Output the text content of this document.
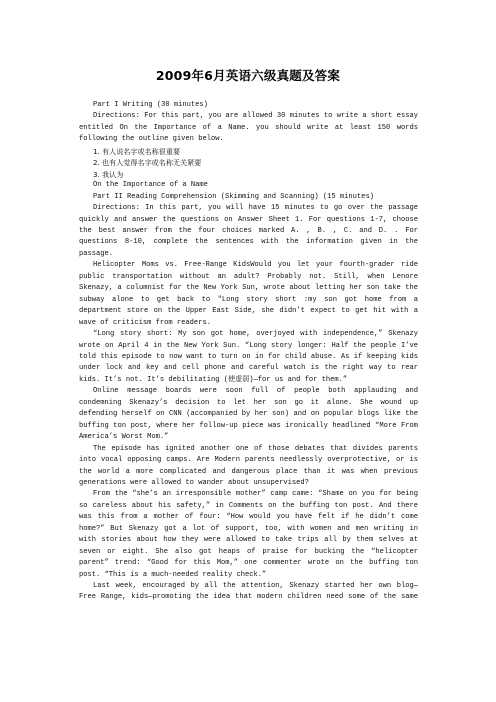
2009年6月英语六级真题及答案

Part I Writing (30 minutes)

Directions: For this part, you are allowed 30 minutes to write a short essay entitled On the Importance of a Name. you should write at least 150 words following the outline given below.

1. 有人说名字或名称很重要

2. 也有人觉得名字或名称无关紧要

3. 我认为

On the Importance of a Name

Part II Reading Comprehension (Skimming and Scanning) (15 minutes)

Directions: In this part, you will have 15 minutes to go over the passage quickly and answer the questions on Answer Sheet 1. For questions 1-7, choose the best answer from the four choices marked A. , B. , C. and D. . For questions 8-10, complete the sentences with the information given in the passage.

Helicopter Moms vs. Free-Range KidsWould you let your fourth-grader ride public transportation without an adult? Probably not. Still, when Lenore Skenazy, a columnist for the New York Sun, wrote about letting her son take the subway alone to get back to "Long story short :my son got home from a department store on the Upper East Side, she didn’t expect to get hit with a wave of criticism from readers.

“Long story short: My son got home, overjoyed with independence,” Skenazy wrote on April 4 in the New York Sun. “Long story longer: Half the people I’ve told this episode to now want to turn on in for child abuse. As if keeping kids under lock and key and cell phone and careful watch is the right way to rear kids. It’s not. It’s debilitating (使虚弱)—for us and for them.”

Online message boards were soon full of people both applauding and condemning Skenazy’s decision to let her son go it alone. She wound up defending herself on CNN (accompanied by her son) and on popular blogs like the buffing ton post, where her follow-up piece was ironically headlined “More From America’s Worst Mom.”

The episode has ignited another one of those debates that divides parents into vocal opposing camps. Are Modern parents needlessly overprotective, or is the world a more complicated and dangerous place than it was when previous generations were allowed to wander about unsupervised?

From the “she’s an irresponsible mother” camp came: “Shame on you for being so careless about his safety,” in Comments on the buffing ton post. And there was this from a mother of four: “How would you have felt if he didn’t come home?” But Skenazy got a lot of support, too, with women and men writing in with stories about how they were allowed to take trips all by them selves at seven or eight. She also got heaps of praise for bucking the “helicopter parent” trend: “Good for this Mom,” one commenter wrote on the buffing ton post. “This is a much-needed reality check.”

Last week, encouraged by all the attention, Skenazy started her own blog—Free Range, kids—promoting the idea that modern children need some of the same
